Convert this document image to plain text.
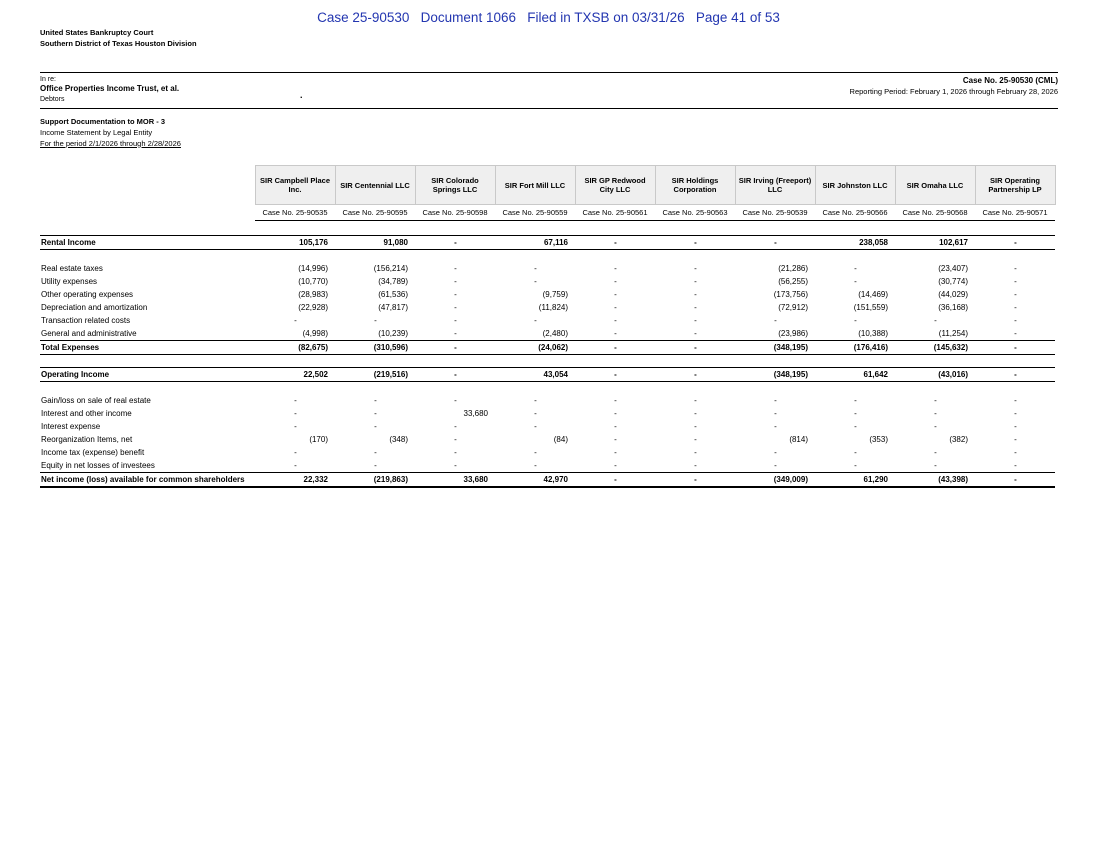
Case 25-90530   Document 1066   Filed in TXSB on 03/31/26   Page 41 of 53
United States Bankruptcy Court
Southern District of Texas Houston Division
In re:
Office Properties Income Trust, et al.
Debtors
Case No. 25-90530 (CML)
Reporting Period: February 1, 2026 through February 28, 2026
.
Support Documentation to MOR - 3
Income Statement by Legal Entity
For the period 2/1/2026 through 2/28/2026
	SIR Campbell Place Inc.	SIR Centennial LLC	SIR Colorado Springs LLC	SIR Fort Mill LLC	SIR GP Redwood City LLC	SIR Holdings Corporation	SIR Irving (Freeport) LLC	SIR Johnston LLC	SIR Omaha LLC	SIR Operating Partnership LP
	Case No. 25-90535	Case No. 25-90595	Case No. 25-90598	Case No. 25-90559	Case No. 25-90561	Case No. 25-90563	Case No. 25-90539	Case No. 25-90566	Case No. 25-90568	Case No. 25-90571

Rental Income	105,176	91,080	-	67,116	-	-	-	238,058	102,617	-

Real estate taxes	(14,996)	(156,214)	-	-	-	-	(21,286)	-	(23,407)	-
Utility expenses	(10,770)	(34,789)	-	-	-	-	(56,255)	-	(30,774)	-
Other operating expenses	(28,983)	(61,536)	-	(9,759)	-	-	(173,756)	(14,469)	(44,029)	-
Depreciation and amortization	(22,928)	(47,817)	-	(11,824)	-	-	(72,912)	(151,559)	(36,168)	-
Transaction related costs	-	-	-	-	-	-	-	-	-	-
General and administrative	(4,998)	(10,239)	-	(2,480)	-	-	(23,986)	(10,388)	(11,254)	-
Total Expenses	(82,675)	(310,596)	-	(24,062)	-	-	(348,195)	(176,416)	(145,632)	-

Operating Income	22,502	(219,516)	-	43,054	-	-	(348,195)	61,642	(43,016)	-

Gain/loss on sale of real estate	-	-	-	-	-	-	-	-	-	-
Interest and other income	-	-	33,680	-	-	-	-	-	-	-
Interest expense	-	-	-	-	-	-	-	-	-	-
Reorganization Items, net	(170)	(348)	-	(84)	-	-	(814)	(353)	(382)	-
Income tax (expense) benefit	-	-	-	-	-	-	-	-	-	-
Equity in net losses of investees	-	-	-	-	-	-	-	-	-	-
Net income (loss) available for common shareholders	22,332	(219,863)	33,680	42,970	-	-	(349,009)	61,290	(43,398)	-
